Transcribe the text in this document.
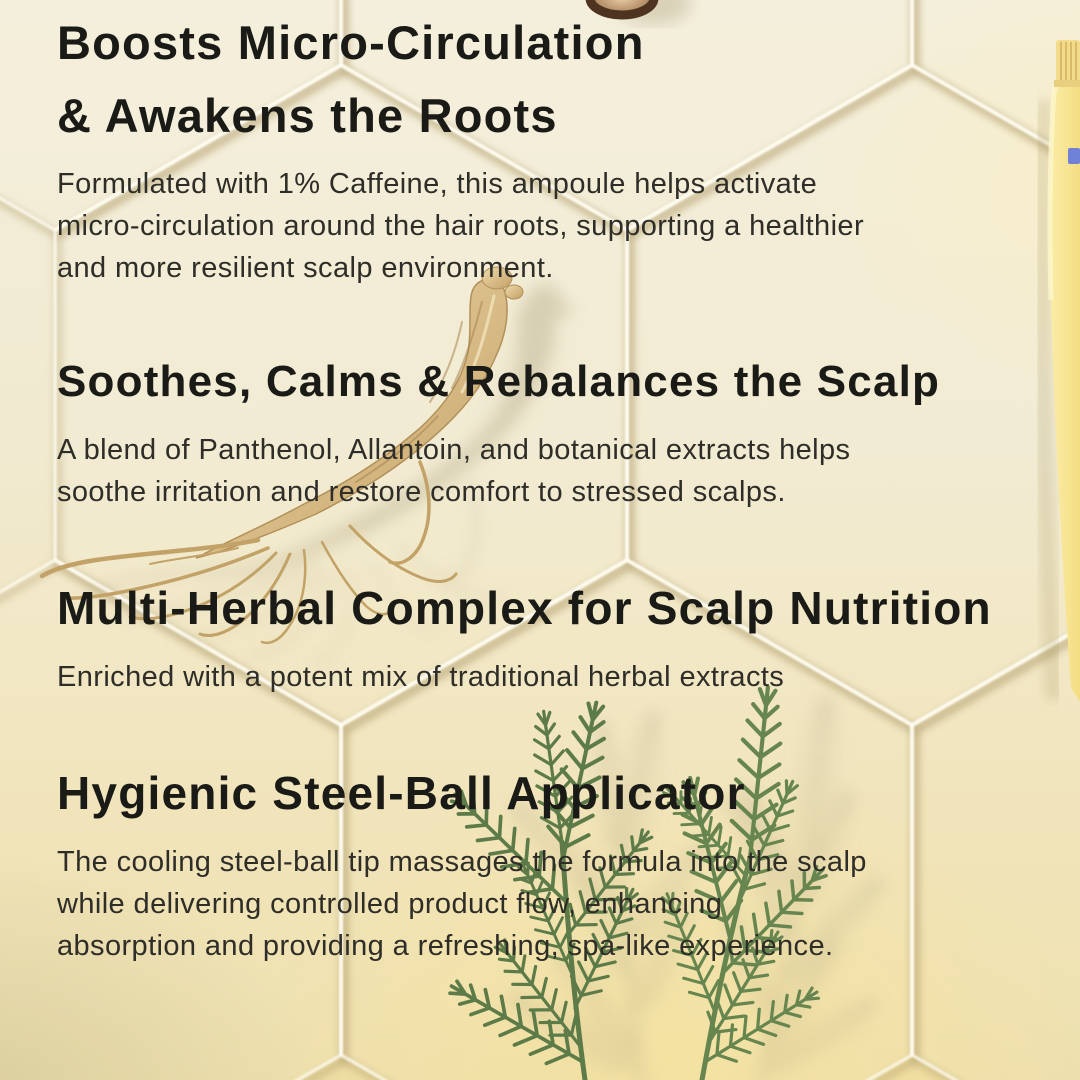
Boosts Micro-Circulation
& Awakens the Roots
Formulated with 1% Caffeine, this ampoule helps activate
micro-circulation around the hair roots, supporting a healthier
and more resilient scalp environment.
Soothes, Calms & Rebalances the Scalp
A blend of Panthenol, Allantoin, and botanical extracts helps
soothe irritation and restore comfort to stressed scalps.
Multi-Herbal Complex for Scalp Nutrition
Enriched with a potent mix of traditional herbal extracts
Hygienic Steel-Ball Applicator
The cooling steel-ball tip massages the formula into the scalp
while delivering controlled product flow, enhancing
absorption and providing a refreshing, spa-like experience.
